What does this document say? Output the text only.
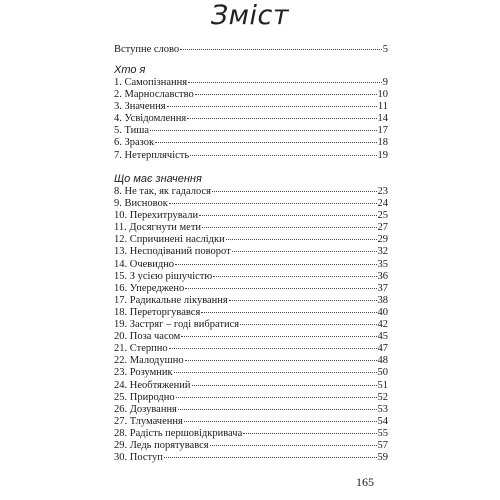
Зміст
Вступне слово	5
Хто я
1. Самопізнання	9
2. Марнославство	10
3. Значення	11
4. Усвідомлення	14
5. Тиша	17
6. Зразок	18
7. Нетерплячість	19
Що має значення
8. Не так, як гадалося	23
9. Висновок	24
10. Перехитрували	25
11. Досягнути мети	27
12. Спричинені наслідки	29
13. Несподіваний поворот	32
14. Очевидно	35
15. З усією рішучістю	36
16. Упереджено	37
17. Радикальне лікування	38
18. Переторгувався	40
19. Застряг – годі вибратися	42
20. Поза часом	45
21. Стерпно	47
22. Малодушно	48
23. Розумник	50
24. Необтяжений	51
25. Природно	52
26. Дозування	53
27. Тлумачення	54
28. Радість першовідкривача	55
29. Ледь порятувався	57
30. Поступ	59
165
